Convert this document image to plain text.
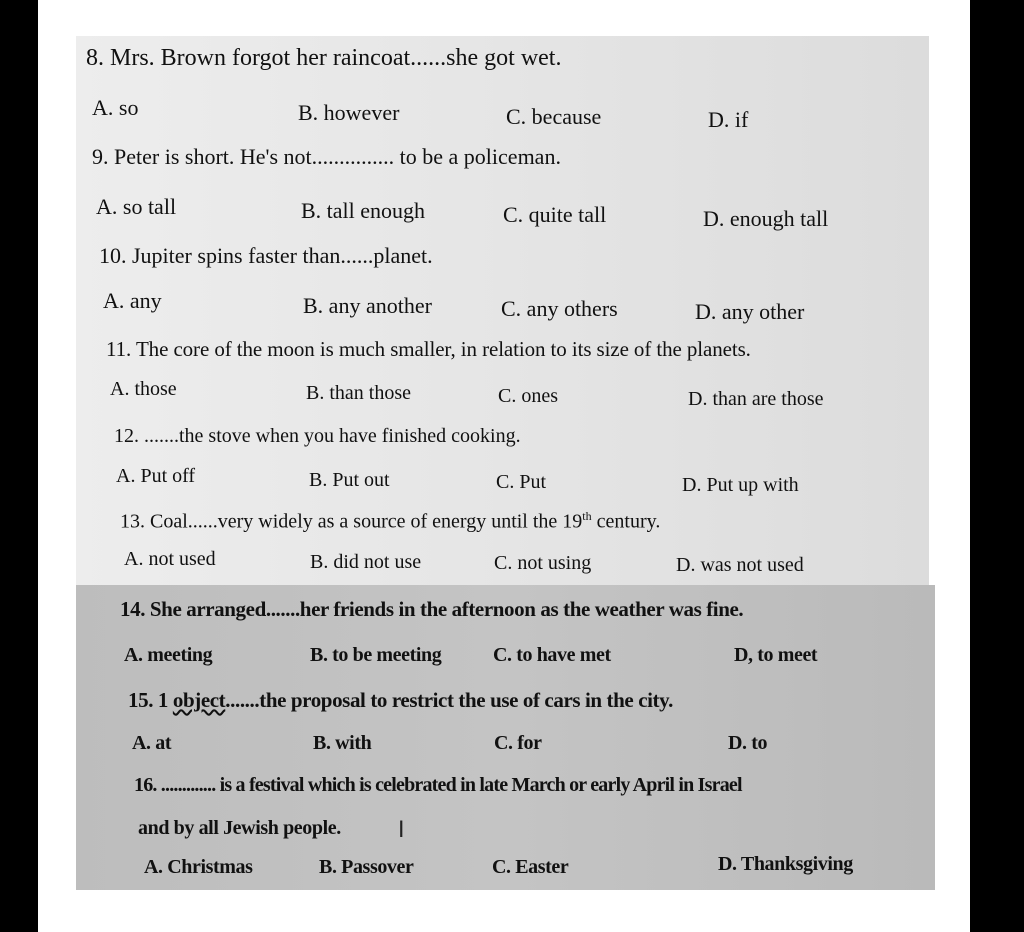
8. Mrs. Brown forgot her raincoat......she got wet.

A. so	B. however	C. because	D. if

9. Peter is short. He's not............... to be a policeman.

A. so tall	B. tall enough	C. quite tall	D. enough tall

10. Jupiter spins faster than......planet.

A. any	B. any another	C. any others	D. any other

11. The core of the moon is much smaller, in relation to its size of the planets.

A. those	B. than those	C. ones	D. than are those

12. .......the stove when you have finished cooking.

A. Put off	B. Put out	C. Put	D. Put up with

13. Coal......very widely as a source of energy until the 19th century.

A. not used	B. did not use	C. not using	D. was not used

14. She arranged.......her friends in the afternoon as the weather was fine.

A. meeting	B. to be meeting	C. to have met	D, to meet

15. 1 object.......the proposal to restrict the use of cars in the city.

A. at	B. with	C. for	D. to

16. ............. is a festival which is celebrated in late March or early April in Israel

and by all Jewish people.	I

A. Christmas	B. Passover	C. Easter	D. Thanksgiving
